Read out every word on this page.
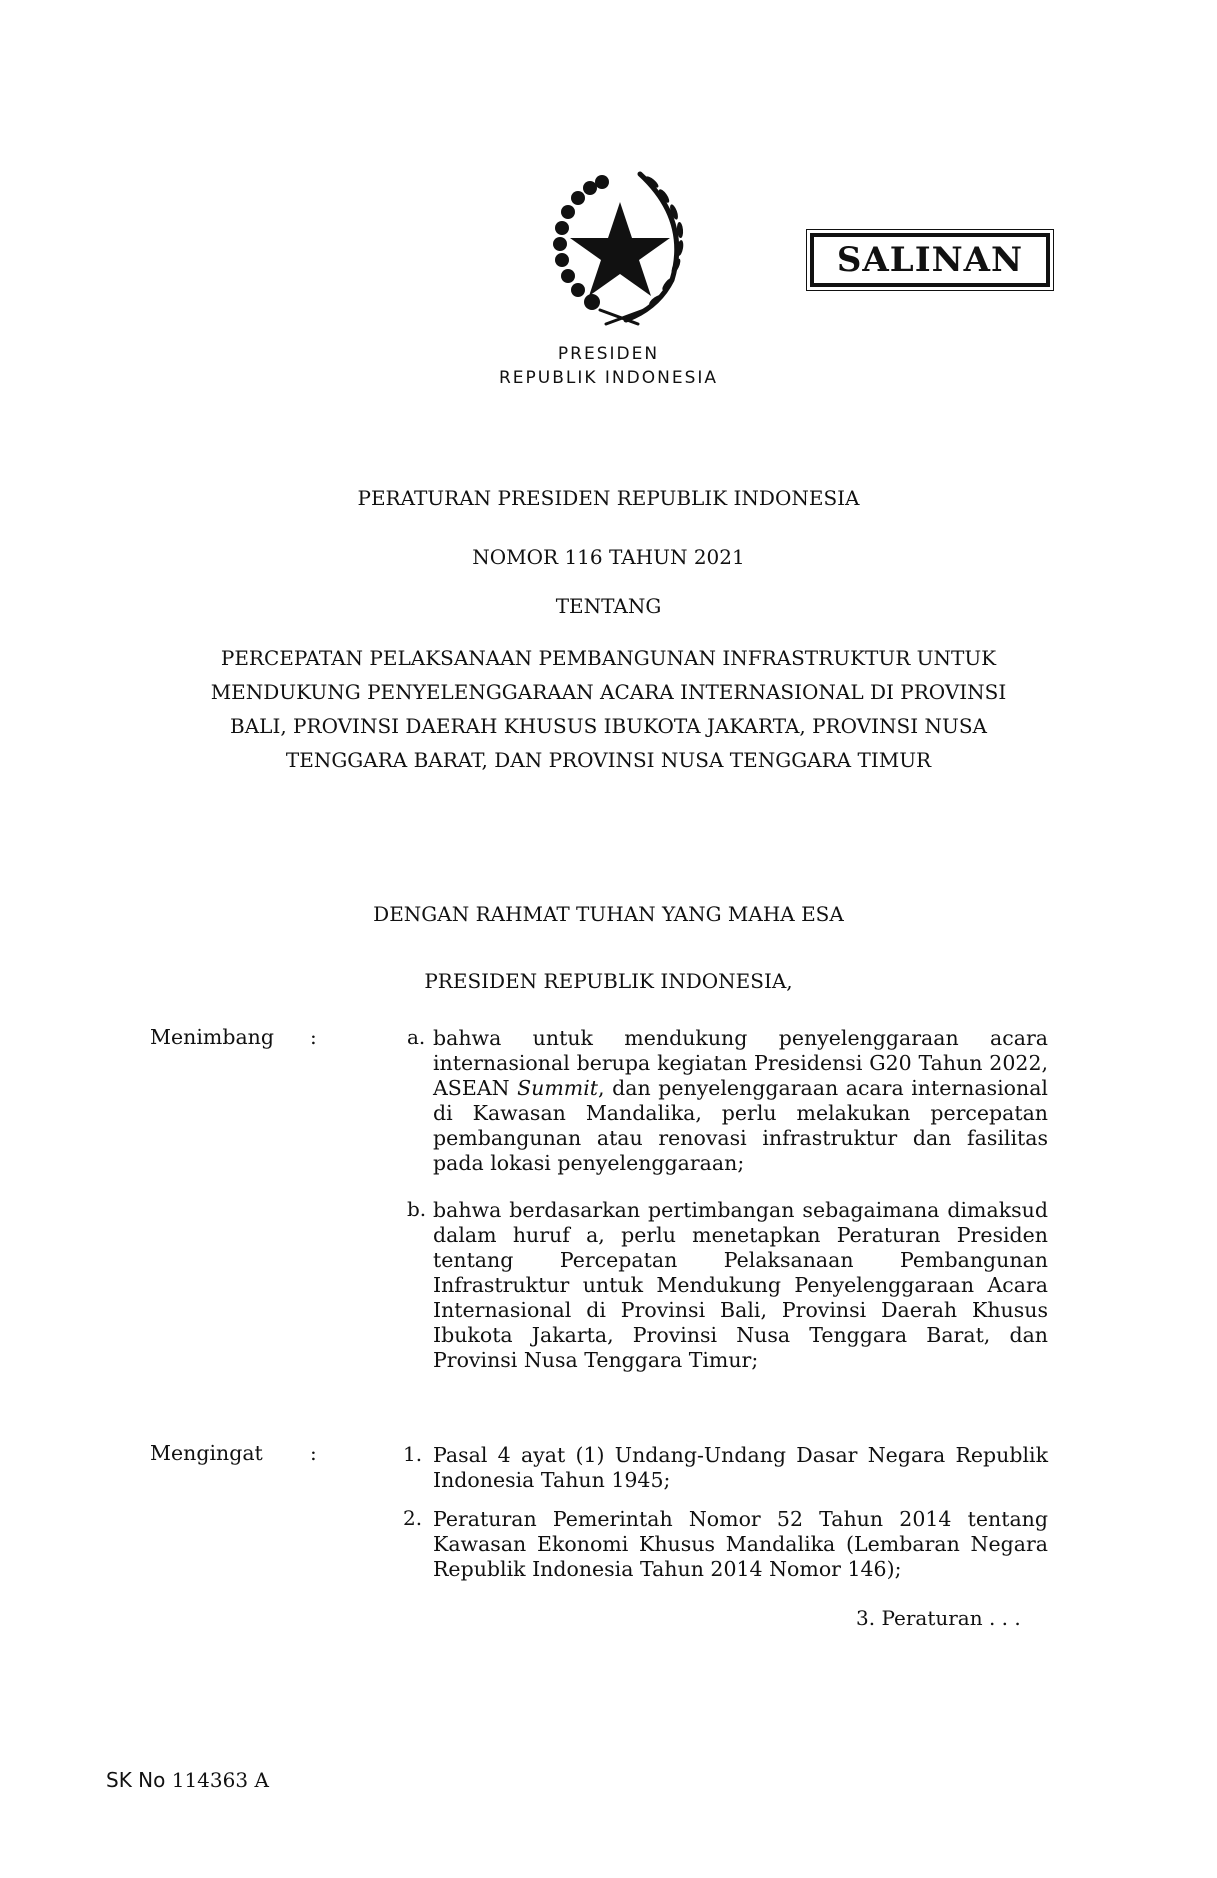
PRESIDEN
REPUBLIK INDONESIA
SALINAN
PERATURAN PRESIDEN REPUBLIK INDONESIA
NOMOR 116 TAHUN 2021
TENTANG
PERCEPATAN PELAKSANAAN PEMBANGUNAN INFRASTRUKTUR UNTUK
MENDUKUNG PENYELENGGARAAN ACARA INTERNASIONAL DI PROVINSI
BALI, PROVINSI DAERAH KHUSUS IBUKOTA JAKARTA, PROVINSI NUSA
TENGGARA BARAT, DAN PROVINSI NUSA TENGGARA TIMUR
DENGAN RAHMAT TUHAN YANG MAHA ESA
PRESIDEN REPUBLIK INDONESIA,
Menimbang :	a. bahwa untuk mendukung penyelenggaraan acara internasional berupa kegiatan Presidensi G20 Tahun 2022, ASEAN Summit, dan penyelenggaraan acara internasional di Kawasan Mandalika, perlu melakukan percepatan pembangunan atau renovasi infrastruktur dan fasilitas pada lokasi penyelenggaraan;
b. bahwa berdasarkan pertimbangan sebagaimana dimaksud dalam huruf a, perlu menetapkan Peraturan Presiden tentang Percepatan Pelaksanaan Pembangunan Infrastruktur untuk Mendukung Penyelenggaraan Acara Internasional di Provinsi Bali, Provinsi Daerah Khusus Ibukota Jakarta, Provinsi Nusa Tenggara Barat, dan Provinsi Nusa Tenggara Timur;
Mengingat :	1. Pasal 4 ayat (1) Undang-Undang Dasar Negara Republik Indonesia Tahun 1945;
2. Peraturan Pemerintah Nomor 52 Tahun 2014 tentang Kawasan Ekonomi Khusus Mandalika (Lembaran Negara Republik Indonesia Tahun 2014 Nomor 146);
3. Peraturan . . .
SK No 114363 A
